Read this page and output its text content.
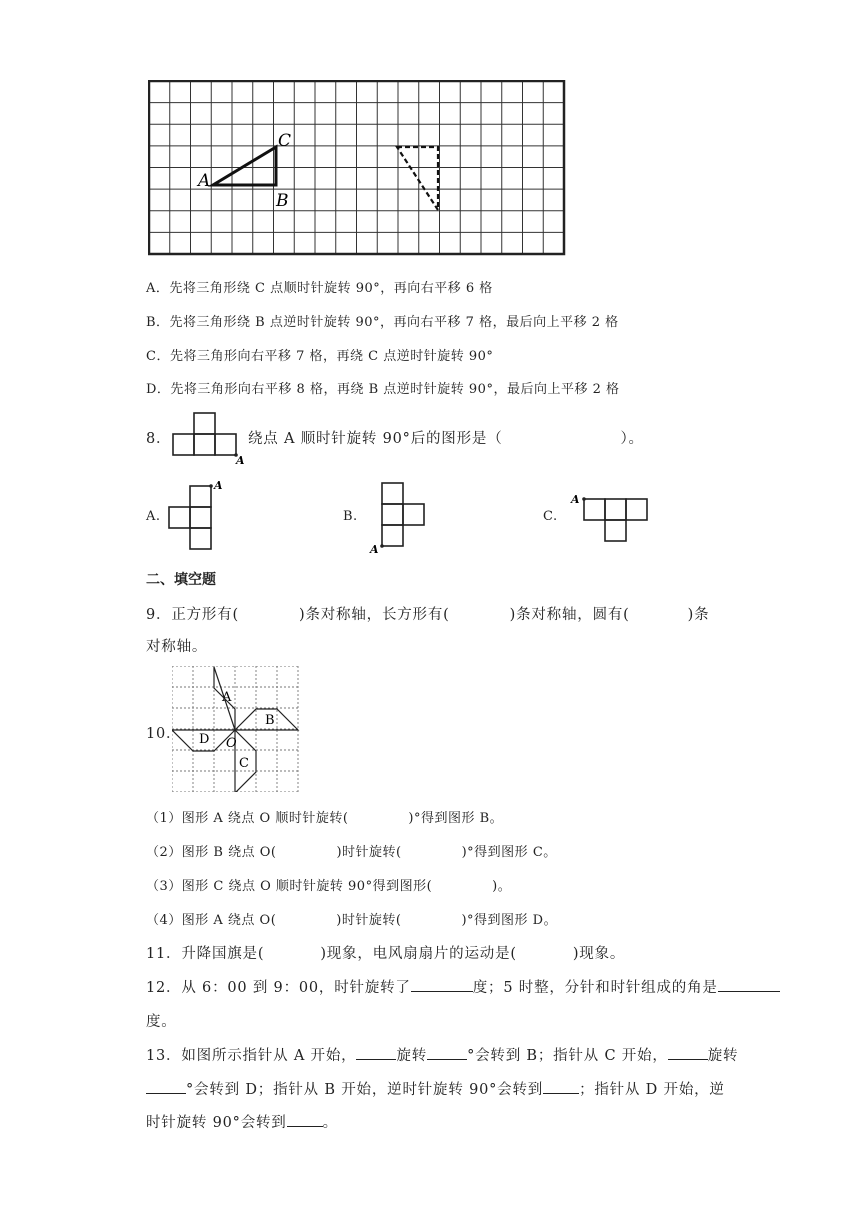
A
B
C
A．先将三角形绕 C 点顺时针旋转 90°，再向右平移 6 格
B．先将三角形绕 B 点逆时针旋转 90°，再向右平移 7 格，最后向上平移 2 格
C．先将三角形向右平移 7 格，再绕 C 点逆时针旋转 90°
D．先将三角形向右平移 8 格，再绕 B 点逆时针旋转 90°，最后向上平移 2 格
8．
A
绕点 A 顺时针旋转 90°后的图形是（	）。
A.
A
B.
A
C.
A
二、填空题
9．正方形有(	)条对称轴，长方形有(	)条对称轴，圆有(	)条
对称轴。
10．
A
B
C
D O
（1）图形 A 绕点 O 顺时针旋转(	)°得到图形 B。
（2）图形 B 绕点 O(	)时针旋转(	)°得到图形 C。
（3）图形 C 绕点 O 顺时针旋转 90°得到图形(	)。
（4）图形 A 绕点 O(	)时针旋转(	)°得到图形 D。
11．升降国旗是(	)现象，电风扇扇片的运动是(	)现象。
12．从 6：00 到 9：00，时针旋转了	度；5 时整，分针和时针组成的角是
度。
13．如图所示指针从 A 开始，	旋转	°会转到 B；指针从 C 开始，	旋转
°会转到 D；指针从 B 开始，逆时针旋转 90°会转到 ；指针从 D 开始，逆
时针旋转 90°会转到 。
